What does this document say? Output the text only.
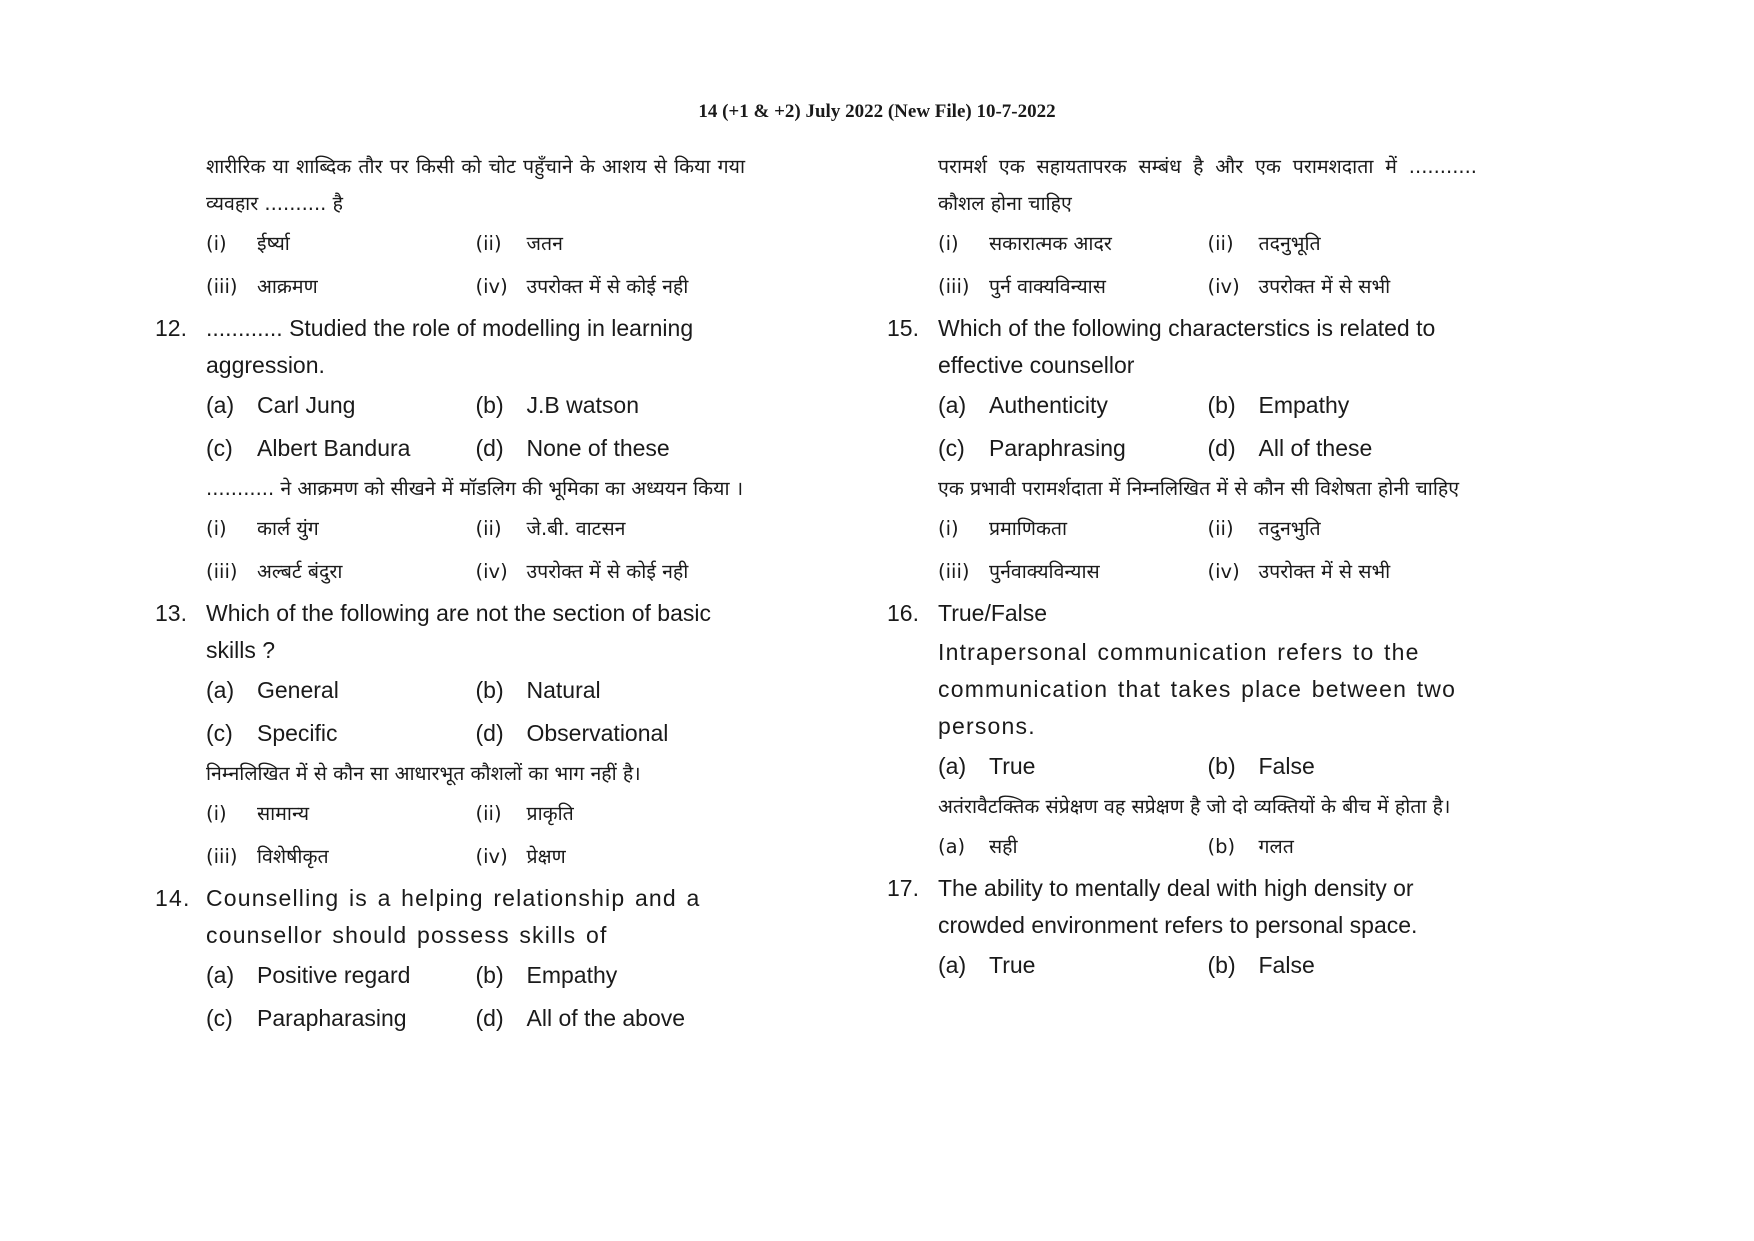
14 (+1 & +2) July 2022 (New File) 10-7-2022
शारीरिक या शाब्दिक तौर पर किसी को चोट पहुँचाने के आशय से किया गया व्यवहार .......... है
(i)	ईर्ष्या	(ii)	जतन
(iii)	आक्रमण	(iv) उपरोक्त में से कोई नही
12. ............ Studied the role of modelling in learning aggression.
(a) Carl Jung	(b) J.B watson
(c)	Albert Bandura	(d) None of these
........... ने आक्रमण को सीखने में मॉडलिग की भूमिका का अध्ययन किया ।
(i)	कार्ल युंग	(ii)	जे.बी. वाटसन
(iii)	अल्बर्ट बंदुरा	(iv) उपरोक्त में से कोई नही
13. Which of the following are not the section of basic skills ?
(a) General	(b) Natural
(c)	Specific	(d) Observational
निम्नलिखित में से कौन सा आधारभूत कौशलों का भाग नहीं है।
(i)	सामान्य	(ii)	प्राकृति
(iii)	विशेषीकृत	(iv) प्रेक्षण
14. Counselling is a helping relationship and a counsellor should possess skills of
(a) Positive regard	(b) Empathy
(c)	Parapharasing	(d) All of the above
परामर्श एक सहायतापरक सम्बंध है और एक परामशदाता में ........... कौशल होना चाहिए
(i)	सकारात्मक आदर	(ii)	तदनुभूति
(iii)	पुर्न वाक्यविन्यास	(iv) उपरोक्त में से सभी
15. Which of the following characterstics is related to effective counsellor
(a) Authenticity	(b) Empathy
(c)	Paraphrasing	(d) All of these
एक प्रभावी परामर्शदाता में निम्नलिखित में से कौन सी विशेषता होनी चाहिए
(i)	प्रमाणिकता	(ii)	तदुनभुति
(iii)	पुर्नवाक्यविन्यास	(iv) उपरोक्त में से सभी
16. True/False
Intrapersonal communication refers to the communication that takes place between two persons.
(a) True	(b) False
अतंरावैटक्तिक संप्रेक्षण वह सप्रेक्षण है जो दो व्यक्तियों के बीच में होता है।
(a)	सही	(b)	गलत
17. The ability to mentally deal with high density or crowded environment refers to personal space.
(a) True	(b) False
